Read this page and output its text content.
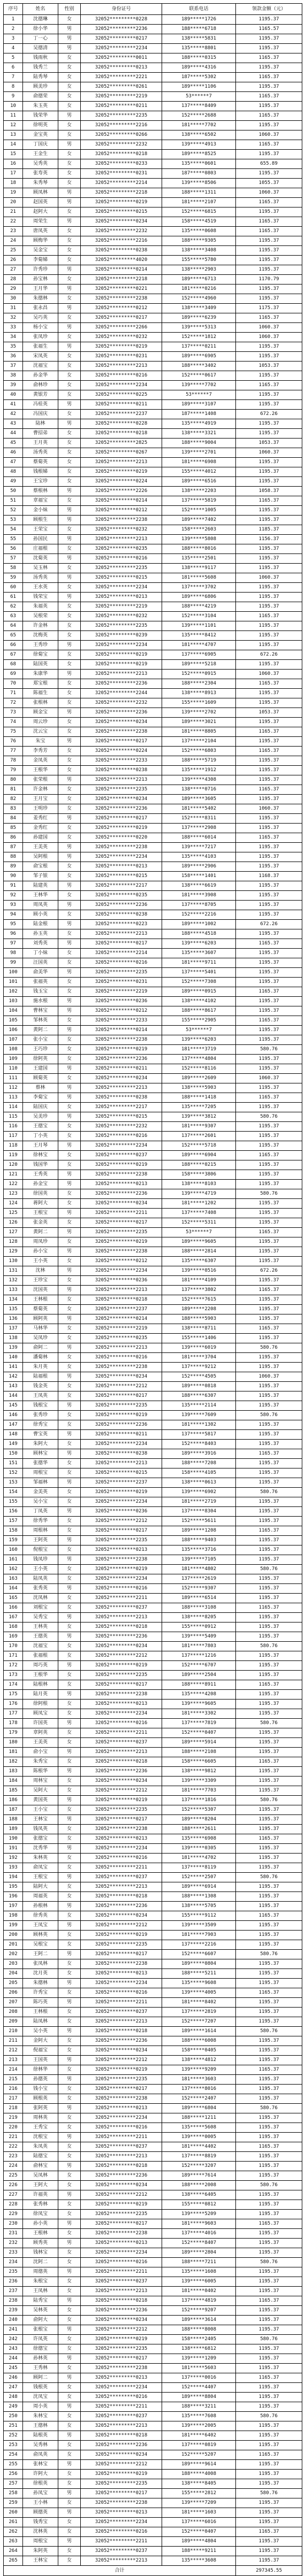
序号	姓名	性别	身份证号	联系电话	领款金额（元）
1	沈德琳	女	32052*********0228	189*****1726	1195.37
2	徐小华	男	32052*********2236	188*****6718	1165.57
3	丁一心	男	32052*********0217	138*****5831	1195.37
4	吴德清	男	32052*********2234	135*****8801	1195.37
5	钱雨秋	女	32052*********0011	188*****0315	1165.37
6	钱秀兰	女	32052*********0213	189*****4316	1195.37
7	陆秀琴	女	32052*********2221	187*****5302	1165.37
8	顾美珍	女	32052*********0261	189*****1106	1195.37
9	俞德荣	女	32052*********2219	53******7	1165.37
10	朱玉英	女	32052*********0211	137*****8409	1195.37
11	钱荣华	男	32052*********2235	152*****2688	1165.37
12	徐明英	女	32052*********2216	181*****7702	1195.37
13	金宝英	女	32052*********0266	138*****6502	1060.37
14	丁国庆	男	32052*********2232	139*****4913	1165.37
15	王金生	女	32052*********0218	189*****8525	1195.37
16	吴秀英	女	32052*********0233	135*****0601	655.89
17	张寿英	女	32052*********0231	187*****0803	1195.37
18	朱秀琴	女	32052*********2214	139*****8506	1055.37
19	顾凤林	男	32052*********2218	188*****1311	1060.37
20	赵国英	男	32052*********0219	181*****2107	1165.37
21	赵阿大	女	32052*********0215	152*****6815	1195.37
22	周荣生	男	32052*********0234	158*****4519	1165.37
23	唐凤英	女	32052*********2232	135*****0608	1165.37
24	顾梅华	女	32052*********2216	188*****9305	1195.37
25	吴金宝	女	32052*********0238	138*****3408	1195.37
26	李菊娣	女	32052*********4020	155*****5780	1195.37
27	许秀珍	男	32052*********0214	138*****2903	1195.37
28	孙宝林	女	32052*********2218	189*****6713	1170.79
29	王月华	男	32052*********0221	181*****0216	1195.37
30	朱德林	女	32052*********2238	152*****4960	1195.37
31	张永昌	男	32052*********0212	138*****3409	1175.37
32	吴巧英	女	32052*********0217	189*****6239	1165.37
33	杨小宝	男	32052*********2266	139*****5313	1060.37
34	张凤珍	女	32052*********0232	152*****1812	1060.37
35	张福生	男	32052*********0219	137*****0211	1195.37
36	宋凤英	女	32052*********0231	189*****6905	1195.37
37	沈福宝	女	32052*********2213	188*****3402	1053.37
38	孙金华	女	32052*********0216	152*****0617	1195.37
39	俞林珍	女	32052*********2234	139*****7702	1165.37
40	黄银芳	女	32052*********0225	53******7	1195.37
41	冯桂英	男	32052*********0211	189*****3107	1195.37
42	冯国庆	女	32052*********2237	187*****1408	672.26
43	陆林	男	32052*********0228	135*****4919	1195.37
44	曹招弟	女	32052*********0218	138*****3321	1195.37
45	王月英	女	32052*********2825	188*****9004	1053.37
46	汤秀英	女	32052*********0267	139*****2701	1060.37
47	蔡菊英	女	32052*********2213	181*****6908	1195.37
48	钱根娣	女	32052*********0219	155*****4012	1195.37
49	王宝珍	女	32052*********0224	189*****6516	1195.37
50	蔡根林	男	32052*********2226	138*****2203	1058.37
51	章福宝	女	32052*********0214	137*****5819	1165.37
52	金小妹	男	32052*********0212	152*****1005	1195.37
53	顾根生	男	32052*********2238	189*****7402	1195.37
54	王荣宝	女	32052*********0232	158*****2603	1185.37
55	孙国民	男	32052*********2213	139*****5808	1156.37
56	庄福根	女	32052*********0235	188*****8016	1195.37
57	沈菊英	男	32052*********0216	135*****2501	1195.37
58	吴玉林	女	32052*********2235	138*****9117	1195.37
59	汤秀英	男	32052*********0215	181*****5608	1060.37
60	王水英	女	32052*********2234	137*****3702	1195.37
61	钱荣宝	男	32052*********0213	189*****6806	1195.37
62	朱福英	女	32052*********2219	188*****4219	1195.37
63	吴根荣	女	32052*********0232	152*****3104	1165.37
64	许金林	女	32052*********2235	139*****1101	1195.37
65	沈梅英	女	32052*********0239	135*****8412	1195.37
66	王秀珍	男	32052*********2234	181*****4707	1195.37
67	徐菊宝	女	32052*********0219	137*****6905	672.26
68	陆国英	女	32052*********0219	189*****5218	1195.37
69	朱康华	男	32052*********2213	152*****0915	1060.37
70	郑宝根	女	32052*********2236	188*****2304	1165.37
71	陈福生	女	32052*********2244	138*****8913	1195.37
72	张根林	女	32052*********2232	155*****1609	1195.37
73	顾金宝	男	32052*********2236	139*****2702	1053.37
74	周云珍	女	32052*********0234	189*****3021	1195.37
75	沈云宝	女	32052*********2238	181*****8805	1165.37
76	朱宝	男	32052*********0217	137*****2104	1195.37
77	李秀芳	女	32052*********0224	152*****6803	1165.37
78	金凤英	女	32052*********2233	188*****5719	1195.37
79	王根华	女	32052*********0238	135*****1912	1195.37
80	张荣根	男	32052*********2213	139*****4308	1195.37
81	许金林	女	32052*********2235	138*****0716	1165.37
82	王月宝	女	32052*********0234	189*****3605	1195.37
83	王明珍	女	32052*********2236	181*****5402	1060.37
84	姜秀红	男	32052*********0217	152*****8311	1195.37
85	金秀红	女	32052*********0219	137*****2908	1195.37
86	孙建国	女	32052*********0220	188*****6014	1165.37
87	王美英	男	32052*********2238	139*****7217	1195.37
88	吴阿根	男	32052*********2234	135*****4103	1195.37
89	俞宝根	女	32052*********0213	189*****2906	1195.37
90	邹子银	女	32052*********0215	158*****1401	1168.37
91	陆建英	男	32052*********2217	138*****6619	1195.37
92	王林华	女	32052*********0235	181*****3908	1195.37
93	周凤英	男	32052*********2236	137*****8705	1195.37
94	顾小英	女	32052*********0238	152*****2216	1195.37
95	陆金根	男	32052*********0223	189*****1002	672.26
96	孙玉英	女	32052*********2213	188*****4518	1195.37
97	刘秀英	男	32052*********0217	139*****6203	1165.37
98	丁小妹	女	32052*********2214	135*****3607	1195.37
99	汪国英	女	32052*********0216	181*****9711	1195.37
100	俞美华	男	32052*********2235	137*****5401	1195.37
101	张福英	女	32052*********0231	152*****7308	1195.37
102	钱玉宝	女	32052*********2219	189*****0915	1165.37
103	施水根	男	32052*********0236	138*****4102	1195.37
104	曹林宝	男	32052*********0212	188*****8617	1195.37
105	邹林英	女	32052*********2233	155*****2905	1165.37
106	黄阿二	男	32052*********0214	53******7	1195.37
107	张小宝	女	32052*********2238	139*****6203	1195.37
108	王巧珍	女	32052*********0219	181*****3719	580.76
109	徐阿英	女	32052*********2236	137*****4804	1195.37
110	王建国	男	32052*********0211	152*****8116	1195.37
111	顾菊英	女	32052*********0234	189*****2609	1060.37
112	蔡林	男	32052*********2213	138*****5903	1195.37
113	李菊宝	男	32052*********0238	188*****1418	1165.37
114	陆国庆	女	32052*********2217	135*****7205	1195.37
115	吴美珍	男	32052*********0215	139*****3812	580.76
116	王德宝	女	32052*********2232	181*****9307	1195.37
117	丁小英	女	32052*********0216	137*****2601	1195.37
118	王月琴	男	32052*********2234	152*****5718	1195.37
119	徐林宝	女	32052*********0237	189*****6904	1165.37
120	钱国华	女	32052*********0219	188*****0215	1195.37
121	王秀英	男	32052*********2238	158*****3806	1195.37
122	孙金宝	男	32052*********0213	138*****8103	1195.37
123	徐国英	女	32052*********2236	139*****4719	580.76
124	蒋阿大	女	32052*********0234	181*****1202	1195.37
125	王根宝	男	32052*********2211	137*****7408	1195.37
126	张金英	女	32052*********0217	152*****5311	1195.37
127	黄阿二	男	32052*********2235	53******7	1165.37
128	周凤珍	女	32052*********0219	189*****9605	1195.37
129	孙小宝	男	32052*********2238	188*****2814	1195.37
130	王小英	女	32052*********0212	135*****6307	1195.37
131	沈林	男	32052*********2234	139*****0516	672.26
132	王珍宝	女	32052*********0236	181*****4109	1195.37
133	沈国英	男	32052*********2213	137*****3802	1165.37
134	王林根	女	32052*********0218	152*****7615	1195.37
135	蔡菊英	女	32052*********2237	189*****2208	1195.37
136	顾阿英	男	32052*********0214	188*****5903	1195.37
137	马林华	女	32052*********2219	138*****8711	1165.37
138	吴凤珍	女	32052*********0235	155*****1406	1195.37
139	俞阿二	男	32052*********2213	139*****6019	580.76
140	潘菊林	女	32052*********0216	181*****3704	1195.37
141	朱月英	女	32052*********2238	137*****9212	1195.37
142	陆福根	男	32052*********0234	152*****4505	1060.37
143	钱金英	女	32052*********2212	189*****0818	1195.37
144	王凤英	女	32052*********0217	188*****6307	1195.37
145	钱根宝	男	32052*********2235	135*****2114	1195.37
146	张秀珍	女	32052*********0219	139*****7609	580.76
147	徐秀宝	女	32052*********2236	181*****1302	1195.37
148	曹宝英	男	32052*********0211	137*****5817	1195.37
149	朱阿大	女	32052*********2234	152*****8403	1195.37
150	顾林宝	男	32052*********0238	189*****3916	1165.37
151	张德华	女	32052*********2213	188*****7208	1195.37
152	周根宝	女	32052*********0215	158*****4105	1195.37
153	邹福林	男	32052*********2237	138*****0613	1195.37
154	金美英	女	32052*********0219	139*****6902	580.76
155	吴小宝	女	32052*********2234	181*****2719	1195.37
156	丁凤英	男	32052*********0236	137*****8304	1195.37
157	徐秀华	女	32052*********2212	152*****5611	1195.37
158	周根林	女	32052*********0217	189*****1208	1165.37
159	王阿英	男	32052*********2235	188*****9403	1195.37
160	倪根宝	女	32052*********0213	135*****3716	1195.37
161	钱凤珍	男	32052*********2238	139*****7105	1195.37
162	王小英	女	32052*********0219	181*****4802	580.76
163	陆凤英	女	32052*********2234	137*****2619	1195.37
164	张秀英	男	32052*********0216	152*****9307	1195.37
165	沈凤林	女	32052*********2211	189*****6514	1195.37
166	刘根宝	女	32052*********0237	188*****3108	1165.37
167	吴秀宝	男	32052*********2213	138*****8205	1195.37
168	王林英	女	32052*********0218	155*****0912	1195.37
169	王德英	男	32052*********2236	139*****5409	1195.37
170	沈福宝	女	32052*********0234	181*****7803	580.76
171	张福根	女	32052*********2212	137*****1216	1195.37
172	周巧英	男	32052*********0219	152*****6707	1195.37
173	王根华	女	32052*********2235	189*****2504	1195.37
174	陆根林	女	32052*********0217	188*****8911	1165.37
175	陆月英	男	32052*********2238	135*****4208	1195.37
176	徐阿根	女	32052*********0213	139*****9605	1195.37
177	顾凤宝	女	32052*********2234	181*****3302	1195.37
178	许国英	男	32052*********0216	137*****7819	580.76
179	章阿英	女	32052*********2211	152*****0407	1195.37
180	王美英	女	32052*********0237	189*****5914	1195.37
181	俞小宝	男	32052*********2213	188*****2108	1195.37
182	朱秀宝	女	32052*********0218	158*****6605	1165.37
183	陈根华	男	32052*********2236	138*****9812	1195.37
184	周林宝	女	32052*********0234	139*****3309	1195.37
185	吴阿大	女	32052*********2212	181*****7703	1195.37
186	黄国英	男	32052*********0219	137*****1816	580.76
187	王小宝	女	32052*********2235	152*****5307	1195.37
188	王林宝	男	32052*********0217	189*****8204	1195.37
189	钱凤英	女	32052*********2238	188*****2611	1195.37
190	张德宝	女	32052*********0213	135*****6908	1165.37
191	沈秀华	男	32052*********2234	139*****0305	1195.37
192	朱林英	女	32052*********0216	181*****4702	1195.37
193	俞凤宝	女	32052*********2211	137*****8119	1195.37
194	王根宝	男	32052*********0237	152*****2507	580.76
195	陆阿大	女	32052*********2213	189*****6914	1195.37
196	周福英	女	32052*********0218	188*****1308	1195.37
197	孙根林	男	32052*********2236	138*****5705	1195.37
198	徐秀英	女	32052*********0234	155*****9112	1165.37
199	王凤宝	男	32052*********2212	139*****3509	1195.37
200	顾林英	女	32052*********0219	181*****7903	1195.37
201	吴根宝	女	32052*********2235	137*****2216	1195.37
202	王阿二	男	32052*********0217	152*****6607	580.76
203	张凤林	女	32052*********2238	189*****0804	1195.37
204	沈月英	女	32052*********0213	188*****5211	1195.37
205	朱德林	男	32052*********2234	135*****9608	1195.37
206	许秀宝	女	32052*********0216	139*****4005	1165.37
207	陈巧英	男	32052*********2211	181*****8402	1195.37
208	王林根	女	32052*********0237	137*****2819	1195.37
209	陆凤林	女	32052*********2213	152*****7207	1195.37
210	吴小英	男	32052*********0218	189*****1614	580.76
211	金阿大	女	32052*********2236	188*****6008	1195.37
212	倪福宝	女	32052*********0234	158*****0405	1195.37
213	王国英	男	32052*********2212	138*****4812	1195.37
214	徐林华	女	32052*********0219	139*****9209	1165.37
215	孙德英	男	32052*********2235	181*****3603	1195.37
216	钱小宝	女	32052*********0217	137*****8016	1195.37
217	顾根英	女	32052*********2238	152*****2407	1195.37
218	张阿英	男	32052*********0213	189*****6804	580.76
219	周林英	女	32052*********2234	188*****1211	1195.37
220	王秀宝	女	32052*********0216	135*****5608	1195.37
221	沈根宝	男	32052*********2211	139*****0005	1195.37
222	朱凤英	女	32052*********0237	181*****4402	1165.37
223	陆德宝	女	32052*********2213	137*****8819	1195.37
224	俞林宝	男	32052*********0218	152*****3207	1195.37
225	吴凤林	女	32052*********2236	189*****7614	1195.37
226	王阿大	女	32052*********0234	188*****2008	580.76
227	许福英	男	32052*********2212	138*****6405	1195.37
228	张秀林	女	32052*********0219	155*****0812	1195.37
229	徐凤宝	女	32052*********2235	139*****5209	1195.37
230	孙小英	男	32052*********0217	181*****9603	1165.37
231	王根林	女	32052*********2238	137*****4016	1195.37
232	顾秀英	男	32052*********0213	152*****8407	1195.37
233	钱林宝	女	32052*********2234	189*****2804	1195.37
234	沈阿二	女	32052*********0216	188*****7211	580.76
235	周德英	男	32052*********2211	135*****1608	1195.37
236	朱根宝	女	32052*********0237	139*****6005	1195.37
237	王凤林	女	32052*********2213	181*****0402	1195.37
238	陆秀宝	男	32052*********0218	137*****4819	1165.37
239	吴林英	女	32052*********2236	152*****9207	1195.37
240	俞阿大	女	32052*********0234	189*****3614	1195.37
241	张根宝	男	32052*********2212	188*****8008	1195.37
242	许凤英	女	32052*********0219	158*****2405	580.76
243	徐德宝	女	32052*********2235	138*****6812	1195.37
244	孙林英	男	32052*********0217	139*****1209	1195.37
245	王秀林	女	32052*********2238	181*****5603	1195.37
246	顾阿二	男	32052*********0213	137*****0016	1165.37
247	钱根英	女	32052*********2234	152*****4407	1195.37
248	沈凤宝	女	32052*********0216	189*****8804	1195.37
249	周小英	男	32052*********2211	188*****3211	1195.37
250	朱林宝	女	32052*********0237	135*****7608	580.76
251	王德林	女	32052*********2213	139*****2005	1195.37
252	陆根英	男	32052*********0218	181*****6402	1195.37
253	吴秀林	女	32052*********2236	137*****0819	1195.37
254	俞凤英	女	32052*********0234	152*****5207	1165.37
255	张林宝	男	32052*********2212	189*****9614	1195.37
256	许阿大	女	32052*********0219	188*****4008	1195.37
257	徐根英	女	32052*********2235	138*****8405	1195.37
258	孙凤宝	男	32052*********0217	155*****2812	580.76
259	王小林	女	32052*********2238	139*****7209	1195.37
260	顾德英	男	32052*********0213	181*****1603	1195.37
261	钱秀宝	女	32052*********2234	137*****6016	1195.37
262	沈林英	女	32052*********0216	152*****0407	1165.37
263	周根宝	男	32052*********2211	189*****4804	1195.37
264	朱阿英	女	32052*********0237	188*****9211	1195.37
265	王林宝	女	32052*********2213	135*****3608	1195.37
合计					297345.55
